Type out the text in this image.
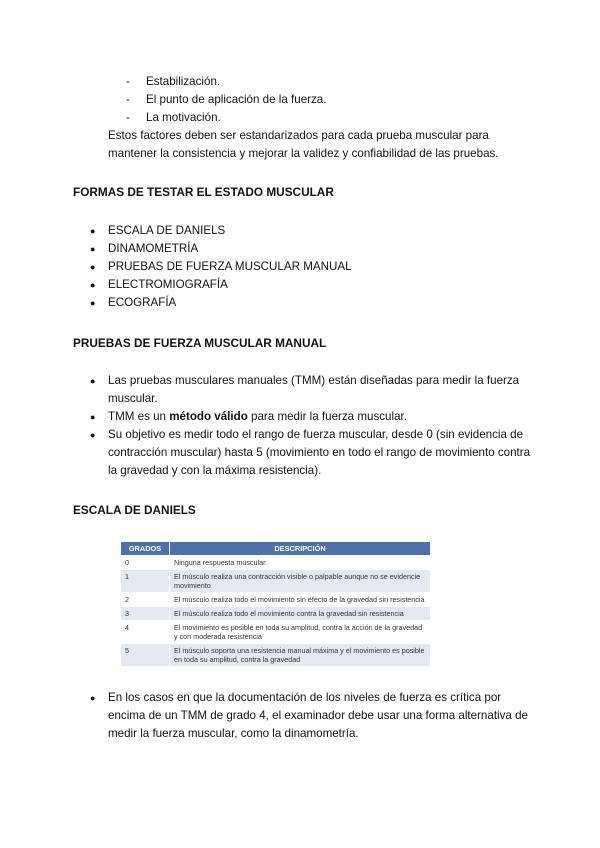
- Estabilización.
- El punto de aplicación de la fuerza.
- La motivación.

Estos factores deben ser estandarizados para cada prueba muscular para mantener la consistencia y mejorar la validez y confiabilidad de las pruebas.

FORMAS DE TESTAR EL ESTADO MUSCULAR
● ESCALA DE DANIELS
● DINAMOMETRÍA
● PRUEBAS DE FUERZA MUSCULAR MANUAL
● ELECTROMIOGRAFÍA
● ECOGRAFÍA
PRUEBAS DE FUERZA MUSCULAR MANUAL
● Las pruebas musculares manuales (TMM) están diseñadas para medir la fuerza muscular.
● TMM es un método válido para medir la fuerza muscular.
● Su objetivo es medir todo el rango de fuerza muscular, desde 0 (sin evidencia de contracción muscular) hasta 5 (movimiento en todo el rango de movimiento contra la gravedad y con la máxima resistencia).
ESCALA DE DANIELS
GRADOS	DESCRIPCIÓN
0	Ninguna respuesta muscular.
1	El músculo realiza una contracción visible o palpable aunque no se evidencie movimiento
2	El músculo realiza todo el movimiento sin efecto de la gravedad sin resistencia
3	El músculo realiza todo el movimiento contra la gravedad sin resistencia
4	El movimiento es posible en toda su amplitud, contra la acción de la gravedad y con moderada resistencia
5	El músculo soporta una resistencia manual máxima y el movimiento es posible en toda su amplitud, contra la gravedad
● En los casos en que la documentación de los niveles de fuerza es crítica por encima de un TMM de grado 4, el examinador debe usar una forma alternativa de medir la fuerza muscular, como la dinamometría.
